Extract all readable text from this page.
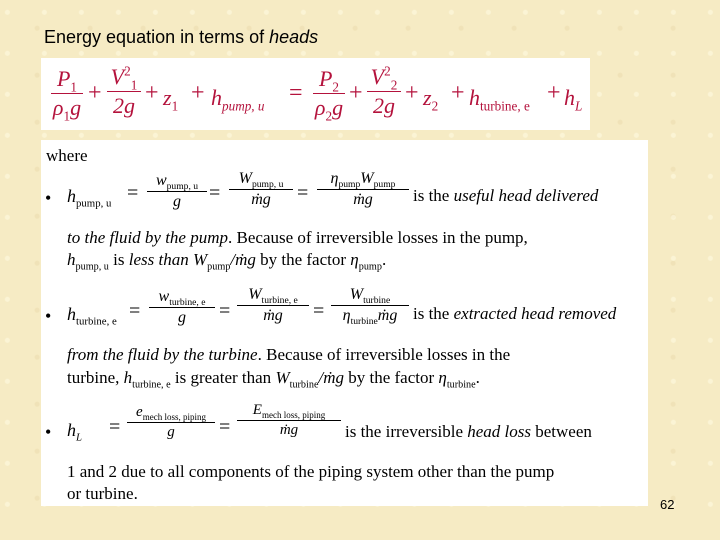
Energy equation in terms of heads
$P_1$
$\rho_1g$
+
$V^2_1$
$2g + z_1 + h_{pump, u}$ =
$P_2$
$\rho_2g$
+
$V^2_2$
$2g + z_2 + h_{turbine, e} + h_L$
where
• $h_{pump, u}$ =
$w_{pump, u}$
g	=
$W_{pump, u}$
ṁg	=
$\eta_{pump}W_{pump}$
ṁg	is the useful head delivered
to the fluid by the pump. Because of irreversible losses in the pump,
$h_{pump, u}$ is less than $W_{pump}/ṁg$ by the factor $\eta_{pump}$.
• $h_{turbine, e}$ =
$w_{turbine, e}$
g	=
$W_{turbine, e}$
ṁg	=
$W_{turbine}$
$\eta_{turbine}ṁg$ is the extracted head removed
from the fluid by the turbine. Because of irreversible losses in the
turbine, $h_{turbine, e}$ is greater than $W_{turbine}/ṁg$ by the factor $\eta_{turbine}$.
• $h_L$ =
$e_{mech loss, piping}$
g	=
$E_{mech loss, piping}$
ṁg	is the irreversible head loss between
1 and 2 due to all components of the piping system other than the pump
or turbine.
62
